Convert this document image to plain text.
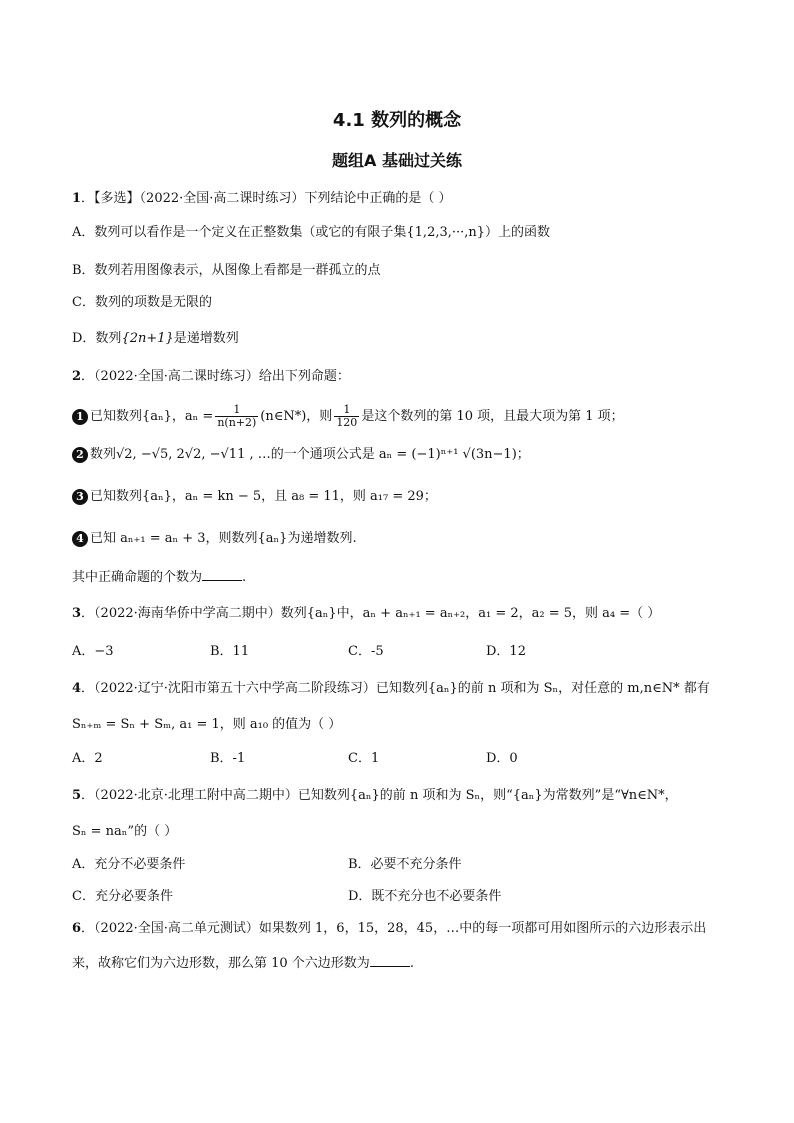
4.1 数列的概念
题组A 基础过关练
1．【多选】（2022·全国·高二课时练习）下列结论中正确的是（ ）
A．数列可以看作是一个定义在正整数集（或它的有限子集{1,2,3,···,n}）上的函数
B．数列若用图像表示，从图像上看都是一群孤立的点
C．数列的项数是无限的
D．数列{2n+1}是递增数列
2．（2022·全国·高二课时练习）给出下列命题：
1 已知数列{aₙ}，$a_n = \frac{1}{n(n+2)}$ (n∈N*)，则 $\frac{1}{120}$ 是这个数列的第 10 项，且最大项为第 1 项；
2 数列√2, −√5, 2√2, −√11 , …的一个通项公式是 aₙ = (−1)ⁿ⁺¹ √(3n−1)；
3 已知数列{aₙ}，aₙ = kn − 5，且 a₈ = 11，则 a₁₇ = 29；
4 已知 aₙ₊₁ = aₙ + 3，则数列{aₙ}为递增数列.
其中正确命题的个数为	.
3．（2022·海南华侨中学高二期中）数列{aₙ}中，aₙ + aₙ₊₁ = aₙ₊₂，a₁ = 2，a₂ = 5，则 a₄ =（ ）
A．−3	B．11	C．-5	D．12
4．（2022·辽宁·沈阳市第五十六中学高二阶段练习）已知数列{aₙ}的前 n 项和为 Sₙ，对任意的 m,n∈N* 都有
Sₙ₊ₘ = Sₙ + Sₘ, a₁ = 1，则 a₁₀ 的值为（ ）
A．2	B．-1	C．1	D．0
5．（2022·北京·北理工附中高二期中）已知数列{aₙ}的前 n 项和为 Sₙ，则“{aₙ}为常数列”是“∀n∈N*，
Sₙ = naₙ”的（ ）
A．充分不必要条件	B．必要不充分条件
C．充分必要条件	D．既不充分也不必要条件
6．（2022·全国·高二单元测试）如果数列 1，6，15，28，45，…中的每一项都可用如图所示的六边形表示出
来，故称它们为六边形数，那么第 10 个六边形数为	.
